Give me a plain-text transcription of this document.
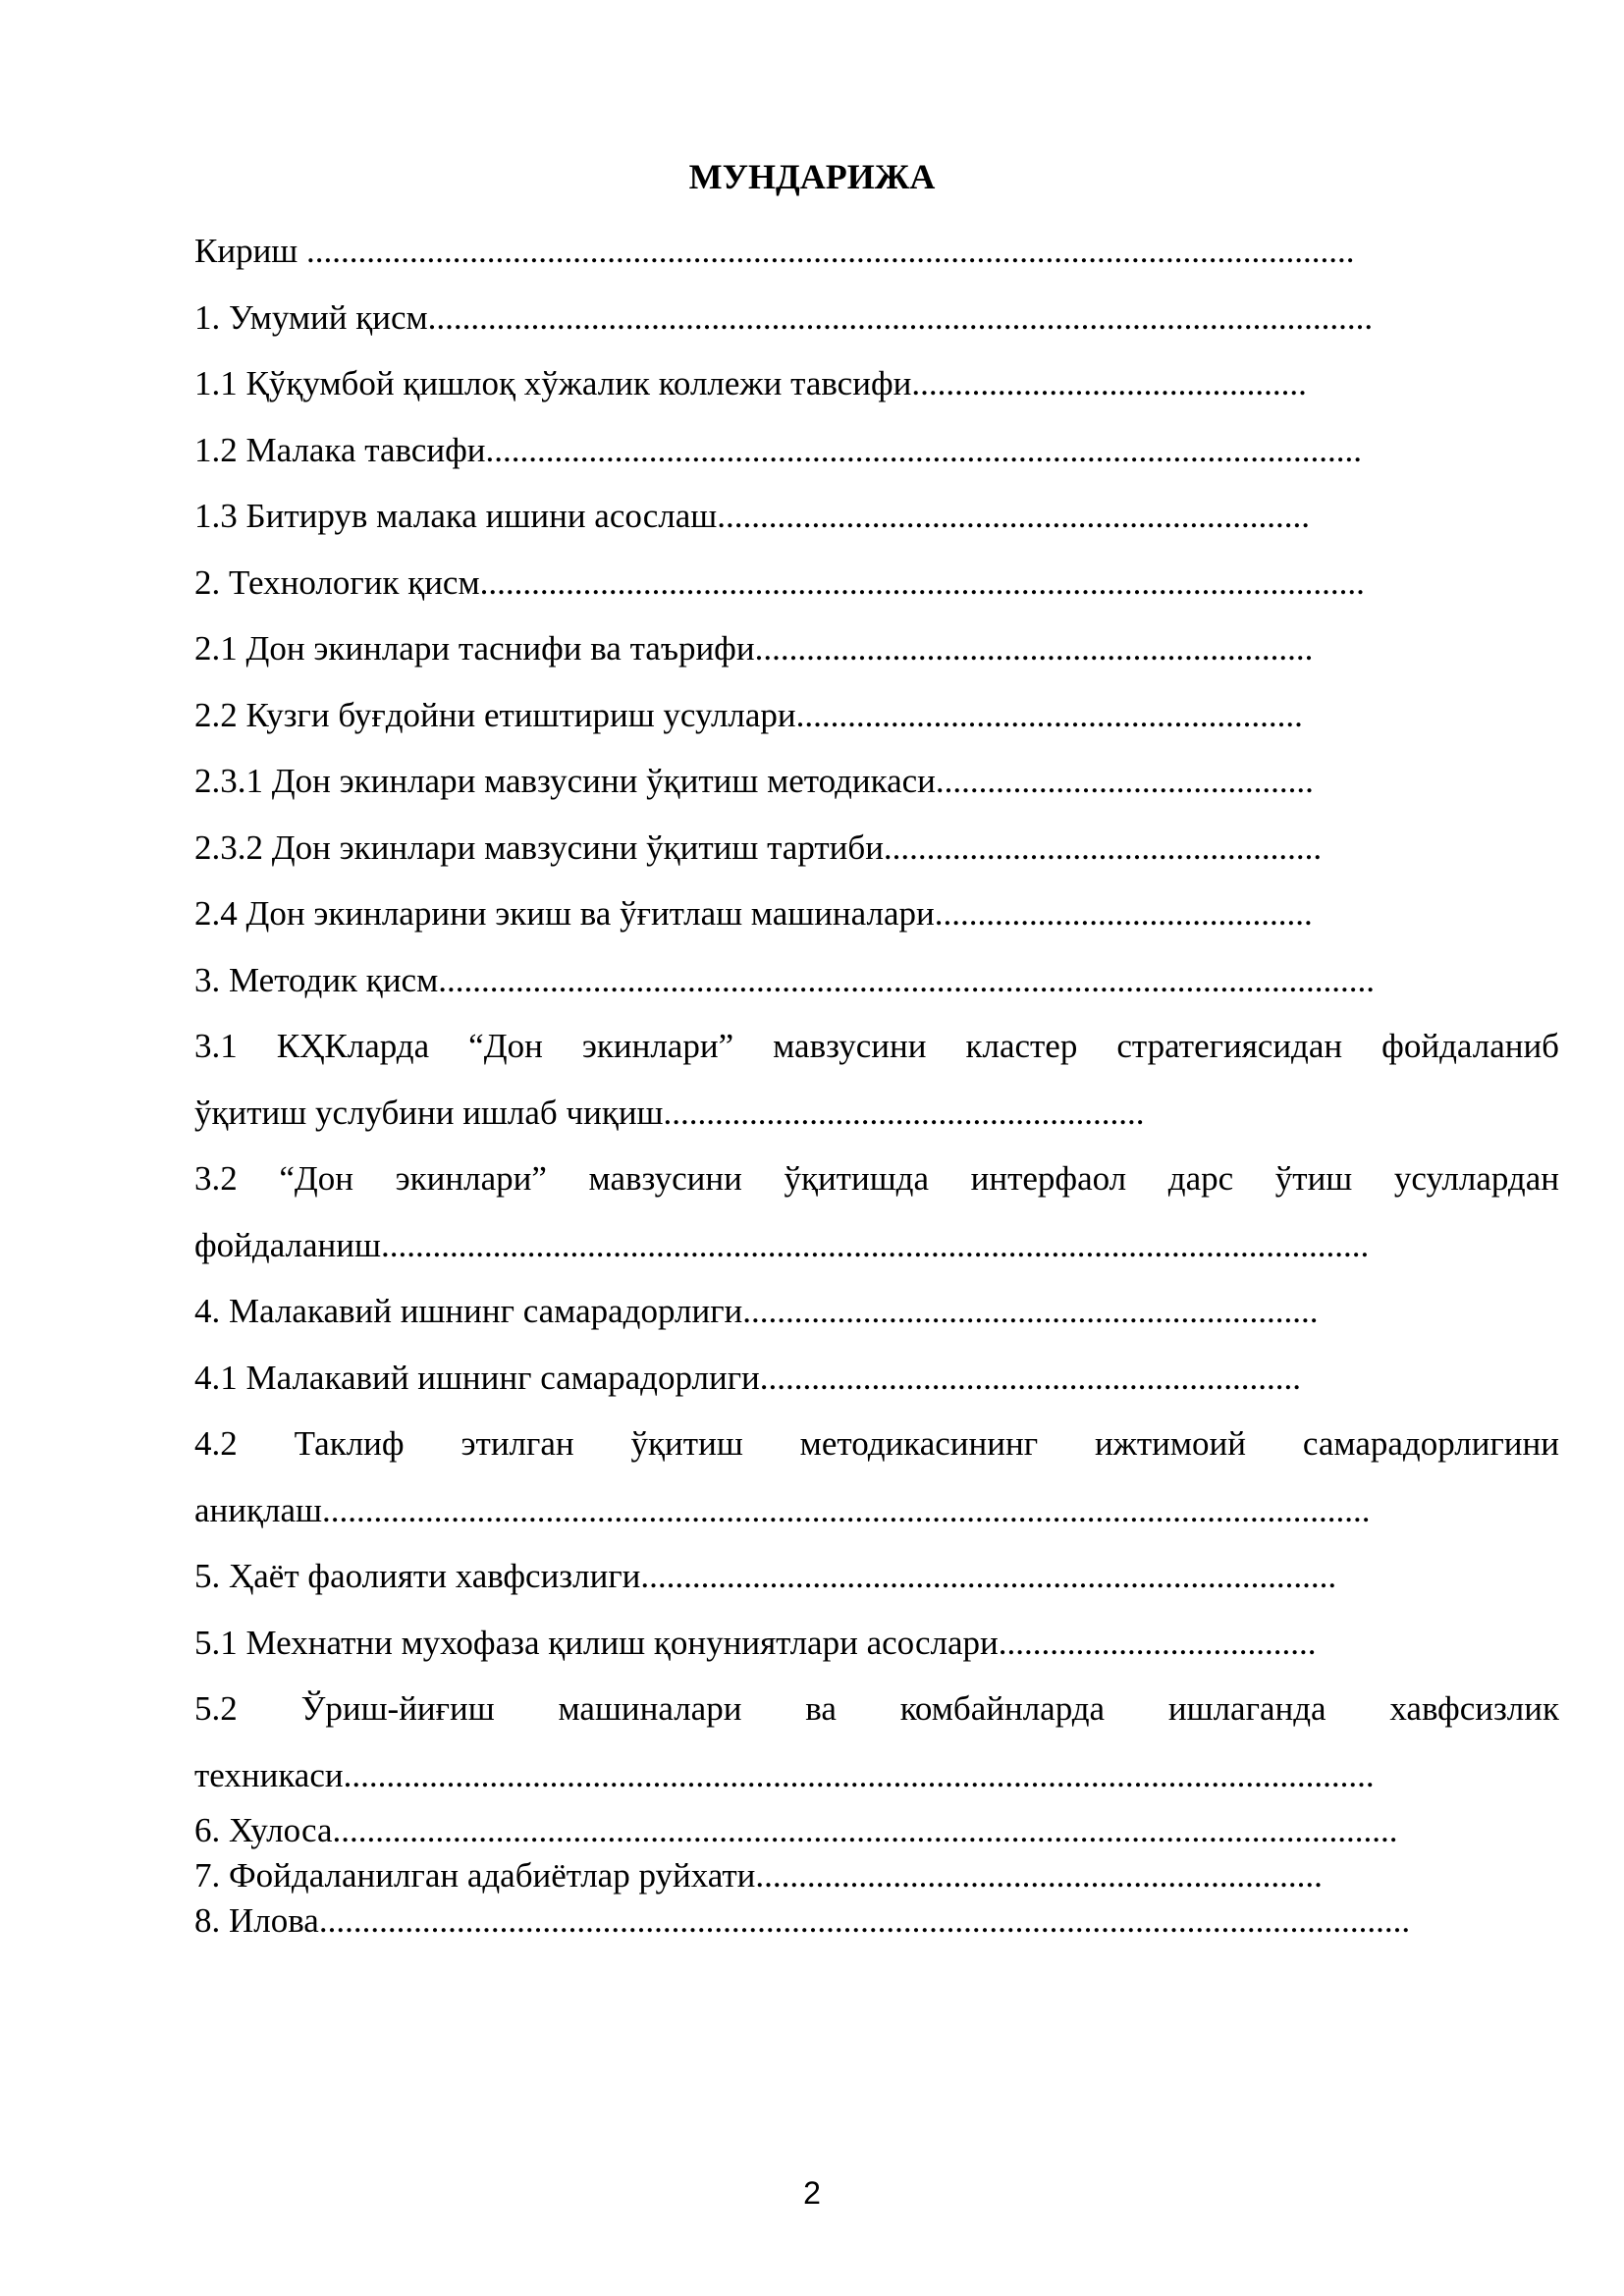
МУНДАРИЖА
Кириш ..........................................................................................................................
1. Умумий қисм..............................................................................................................
1.1 Қўқумбой қишлоқ хўжалик коллежи тавсифи..............................................
1.2 Малака тавсифи......................................................................................................
1.3 Битирув малака ишини асослаш.....................................................................
2. Технологик қисм.......................................................................................................
2.1 Дон экинлари таснифи ва таърифи.................................................................
2.2 Кузги буғдойни етиштириш усуллари...........................................................
2.3.1 Дон экинлари мавзусини ўқитиш методикаси............................................
2.3.2 Дон экинлари мавзусини ўқитиш тартиби...................................................
2.4 Дон экинларини экиш ва ўғитлаш машиналари............................................
3. Методик қисм.............................................................................................................
3.1 КҲКларда “Дон экинлари” мавзусини кластер стратегиясидан фойдаланиб
ўқитиш услубини ишлаб чиқиш........................................................
3.2 “Дон экинлари” мавзусини ўқитишда интерфаол дарс ўтиш усуллардан
фойдаланиш...................................................................................................................
4. Малакавий ишнинг самарадорлиги...................................................................
4.1 Малакавий ишнинг самарадорлиги...............................................................
4.2 Таклиф этилган ўқитиш методикасининг ижтимоий самарадорлигини
аниқлаш..........................................................................................................................
5. Ҳаёт фаолияти хавфсизлиги.................................................................................
5.1 Мехнатни мухофаза қилиш қонуниятлари асослари.....................................
5.2 Ўриш-йиғиш машиналари ва комбайнларда ишлаганда хавфсизлик
техникаси........................................................................................................................
6. Хулоса............................................................................................................................
7. Фойдаланилган адабиётлар руйхати..................................................................
8. Илова...............................................................................................................................
2
